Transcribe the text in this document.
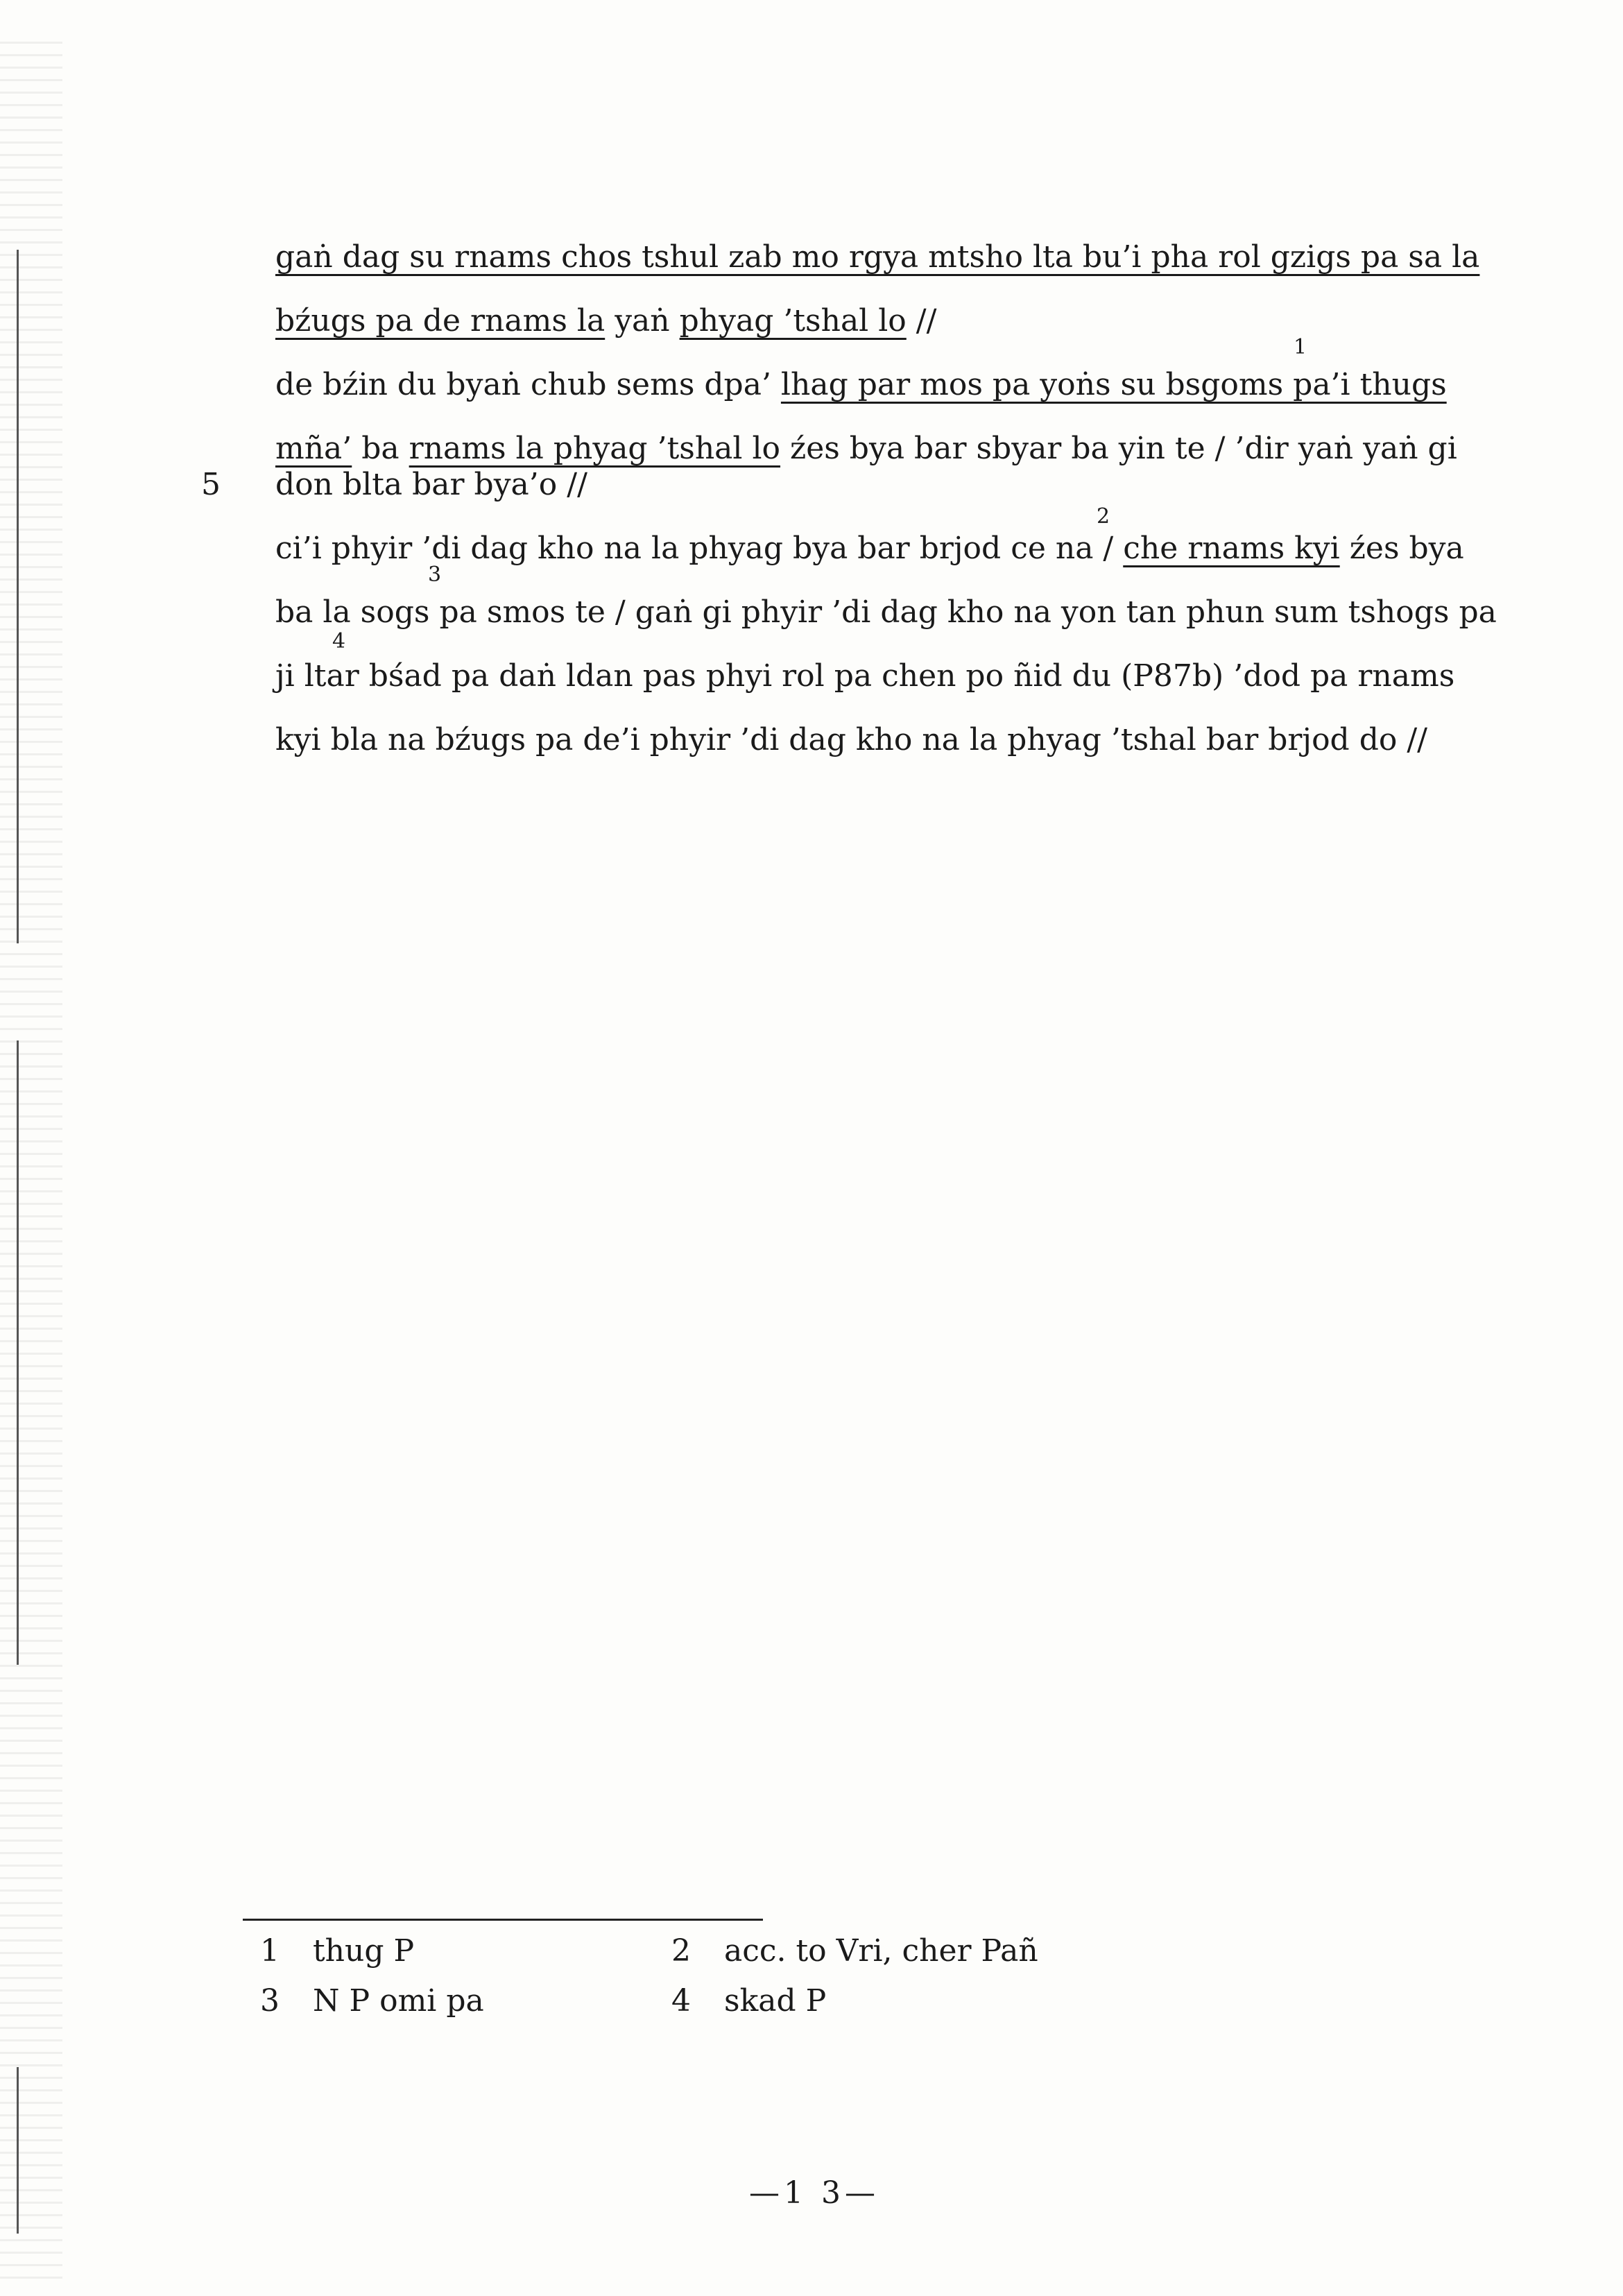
gaṅ dag su rnams chos tshul zab mo rgya mtsho lta bu’i pha rol gzigs pa sa la
bźugs pa de rnams la yaṅ phyag ’tshal lo //
de bźin du byaṅ chub sems dpa’ lhag par mos pa yoṅs su bsgoms pa’i thugs
mña’ ba rnams la phyag ’tshal lo źes bya bar sbyar ba yin te / ’dir yaṅ yaṅ gi
don blta bar bya’o //
ci’i phyir ’di dag kho na la phyag bya bar brjod ce na / che rnams kyi źes bya
ba la sogs pa smos te / gaṅ gi phyir ’di dag kho na yon tan phun sum tshogs pa
ji ltar bśad pa daṅ ldan pas phyi rol pa chen po ñid du (P87b) ’dod pa rnams
kyi bla na bźugs pa de’i phyir ’di dag kho na la phyag ’tshal bar brjod do //
1
2
3
4
5
1 thug P	2 acc. to Vri, cher Pañ
3 N P omi pa	4 skad P
—1 3—
